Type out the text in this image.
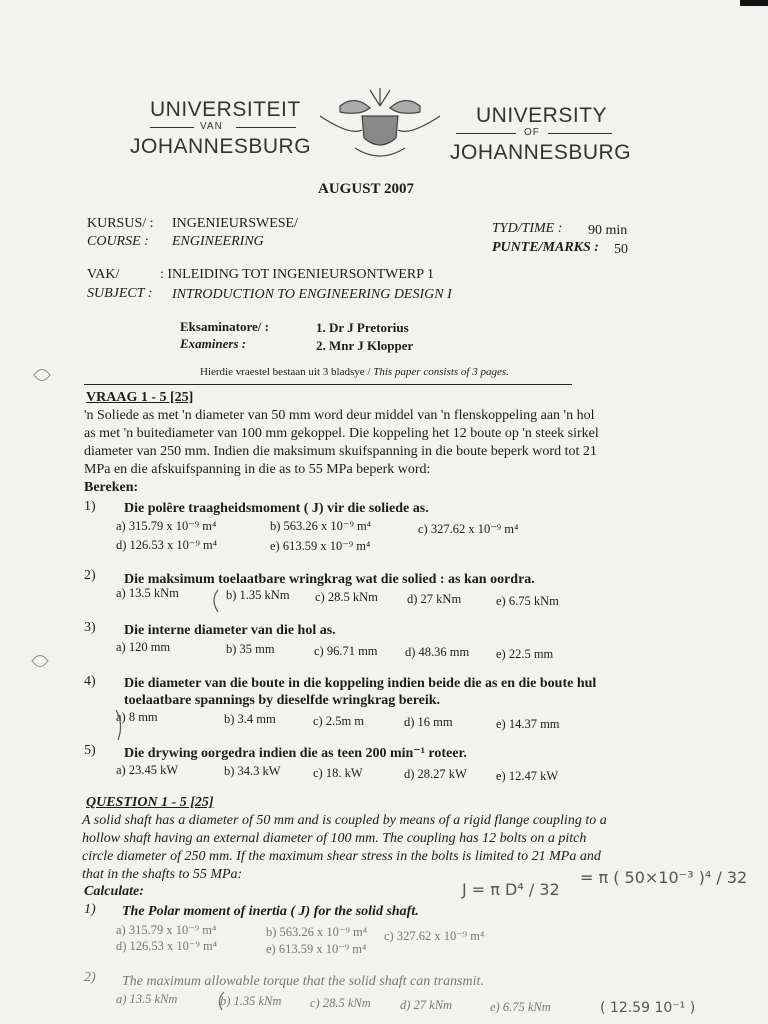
UNIVERSITEIT
VAN
JOHANNESBURG
UNIVERSITY
OF
JOHANNESBURG
AUGUST 2007
KURSUS/ : INGENIEURSWESE/
COURSE : ENGINEERING
TYD/TIME : 90 min
PUNTE/MARKS : 50
VAK/	: INLEIDING TOT INGENIEURSONTWERP 1
SUBJECT : INTRODUCTION TO ENGINEERING DESIGN I
Eksaminatore/ :
Examiners :
1. Dr J Pretorius
2. Mnr J Klopper
Hierdie vraestel bestaan uit 3 bladsye / This paper consists of 3 pages.
VRAAG 1 - 5 [25]
'n Soliede as met 'n diameter van 50 mm word deur middel van 'n flenskoppeling aan 'n hol
as met 'n buitediameter van 100 mm gekoppel. Die koppeling het 12 boute op 'n steek sirkel
diameter van 250 mm. Indien die maksimum skuifspanning in die boute beperk word tot 21
MPa en die afskuifspanning in die as to 55 MPa beperk word:
Bereken:
1) Die polêre traagheidsmoment ( J) vir die soliede as.
a) 315.79 x 10⁻⁹ m⁴	b) 563.26 x 10⁻⁹ m⁴	c) 327.62 x 10⁻⁹ m⁴
d) 126.53 x 10⁻⁹ m⁴	e) 613.59 x 10⁻⁹ m⁴
2) Die maksimum toelaatbare wringkrag wat die solied : as kan oordra.
a) 13.5 kNm	b) 1.35 kNm c) 28.5 kNm d) 27 kNm	e) 6.75 kNm
3) Die interne diameter van die hol as.
a) 120 mm	b) 35 mm	c) 96.71 mm d) 48.36 mm e) 22.5 mm
4) Die diameter van die boute in die koppeling indien beide die as en die boute hul
toelaatbare spannings by dieselfde wringkrag bereik.
a) 8 mm	b) 3.4 mm	c) 2.5m m	d) 16 mm	e) 14.37 mm
5) Die drywing oorgedra indien die as teen 200 min⁻¹ roteer.
a) 23.45 kW	b) 34.3 kW	c) 18. kW	d) 28.27 kW e) 12.47 kW
QUESTION 1 - 5 [25]
A solid shaft has a diameter of 50 mm and is coupled by means of a rigid flange coupling to a
hollow shaft having an external diameter of 100 mm. The coupling has 12 bolts on a pitch
circle diameter of 250 mm. If the maximum shear stress in the bolts is limited to 21 MPa and
that in the shafts to 55 MPa:
Calculate:
1) The Polar moment of inertia ( J) for the solid shaft.
a) 315.79 x 10⁻⁹ m⁴	b) 563.26 x 10⁻⁹ m⁴ c) 327.62 x 10⁻⁹ m⁴
d) 126.53 x 10⁻⁹ m⁴	e) 613.59 x 10⁻⁹ m⁴
2) The maximum allowable torque that the solid shaft can transmit.
a) 13.5 kNm	b) 1.35 kNm c) 28.5 kNm d) 27 kNm	e) 6.75 kNm
J = π D⁴ / 32
= π ( 50×10⁻³ )⁴ / 32
( 12.59 10⁻¹ )
